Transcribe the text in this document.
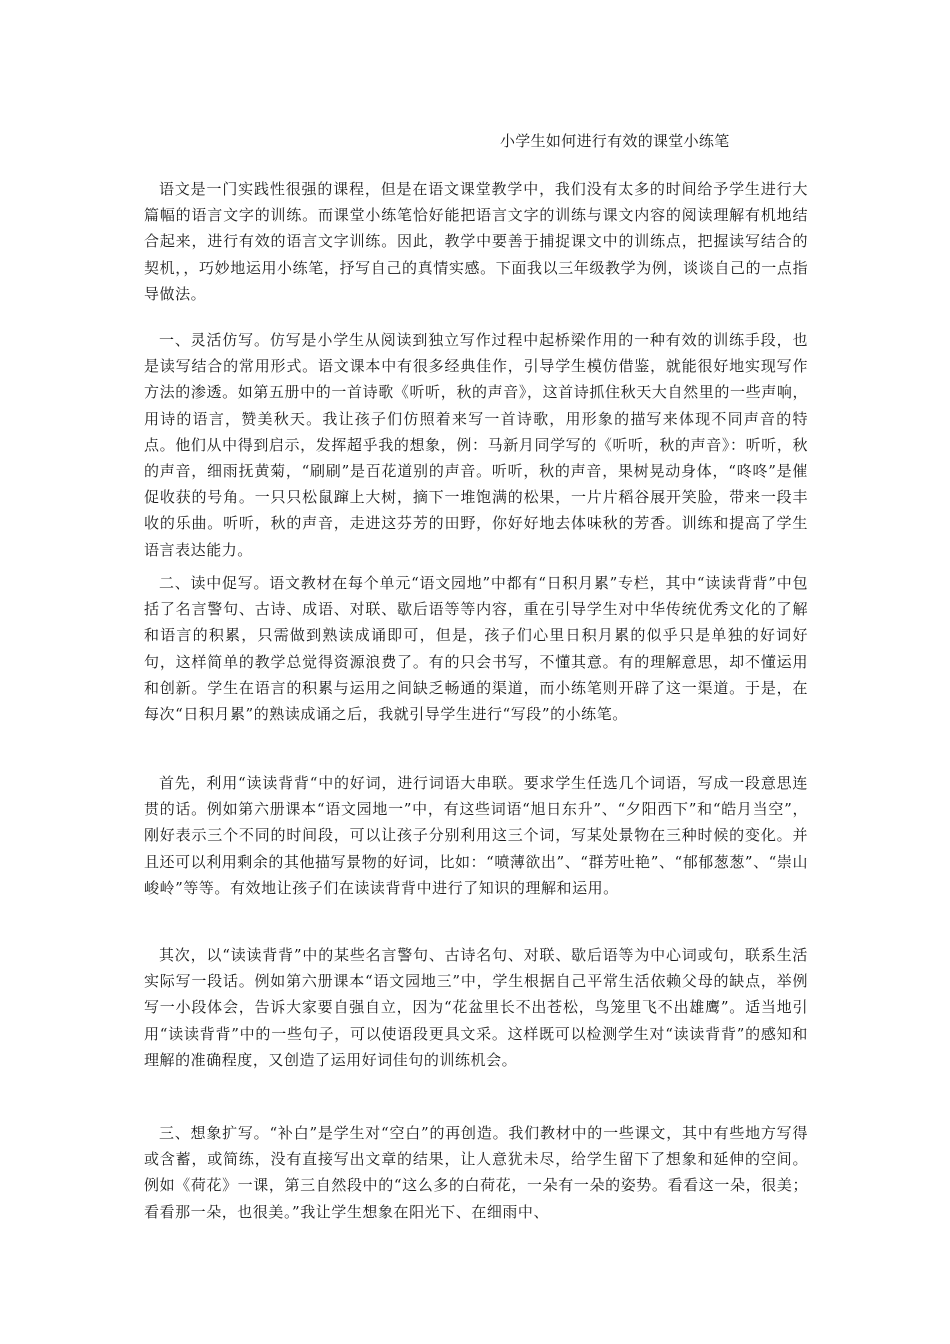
小学生如何进行有效的课堂小练笔

语文是一门实践性很强的课程，但是在语文课堂教学中，我们没有太多的时间给予学生进行大篇幅的语言文字的训练。而课堂小练笔恰好能把语言文字的训练与课文内容的阅读理解有机地结合起来，进行有效的语言文字训练。因此，教学中要善于捕捉课文中的训练点，把握读写结合的契机，，巧妙地运用小练笔，抒写自己的真情实感。下面我以三年级教学为例，谈谈自己的一点指导做法。

一、灵活仿写。仿写是小学生从阅读到独立写作过程中起桥梁作用的一种有效的训练手段，也是读写结合的常用形式。语文课本中有很多经典佳作，引导学生模仿借鉴，就能很好地实现写作方法的渗透。如第五册中的一首诗歌《听听，秋的声音》，这首诗抓住秋天大自然里的一些声响，用诗的语言，赞美秋天。我让孩子们仿照着来写一首诗歌，用形象的描写来体现不同声音的特点。他们从中得到启示，发挥超乎我的想象，例：马新月同学写的《听听，秋的声音》：听听，秋的声音，细雨抚黄菊，“刷刷”是百花道别的声音。听听，秋的声音，果树晃动身体，“咚咚”是催促收获的号角。一只只松鼠蹿上大树，摘下一堆饱满的松果，一片片稻谷展开笑脸，带来一段丰收的乐曲。听听，秋的声音，走进这芬芳的田野，你好好地去体味秋的芳香。训练和提高了学生语言表达能力。

二、读中促写。语文教材在每个单元“语文园地”中都有“日积月累”专栏，其中“读读背背”中包括了名言警句、古诗、成语、对联、歇后语等等内容，重在引导学生对中华传统优秀文化的了解和语言的积累，只需做到熟读成诵即可，但是，孩子们心里日积月累的似乎只是单独的好词好句，这样简单的教学总觉得资源浪费了。有的只会书写，不懂其意。有的理解意思，却不懂运用和创新。学生在语言的积累与运用之间缺乏畅通的渠道，而小练笔则开辟了这一渠道。于是，在每次“日积月累”的熟读成诵之后，我就引导学生进行“写段”的小练笔。

首先，利用“读读背背“中的好词，进行词语大串联。要求学生任选几个词语，写成一段意思连贯的话。例如第六册课本“语文园地一”中，有这些词语“旭日东升”、“夕阳西下”和“皓月当空”，刚好表示三个不同的时间段，可以让孩子分别利用这三个词，写某处景物在三种时候的变化。并且还可以利用剩余的其他描写景物的好词，比如：“喷薄欲出”、“群芳吐艳”、“郁郁葱葱”、“崇山峻岭”等等。有效地让孩子们在读读背背中进行了知识的理解和运用。

其次，以“读读背背”中的某些名言警句、古诗名句、对联、歇后语等为中心词或句，联系生活实际写一段话。例如第六册课本“语文园地三”中，学生根据自己平常生活依赖父母的缺点，举例写一小段体会，告诉大家要自强自立，因为“花盆里长不出苍松，鸟笼里飞不出雄鹰”。适当地引用“读读背背”中的一些句子，可以使语段更具文采。这样既可以检测学生对“读读背背”的感知和理解的准确程度，又创造了运用好词佳句的训练机会。

三、想象扩写。“补白”是学生对“空白”的再创造。我们教材中的一些课文，其中有些地方写得或含蓄，或简练，没有直接写出文章的结果，让人意犹未尽，给学生留下了想象和延伸的空间。例如《荷花》一课，第三自然段中的“这么多的白荷花，一朵有一朵的姿势。看看这一朵，很美；看看那一朵，也很美。”我让学生想象在阳光下、在细雨中、
